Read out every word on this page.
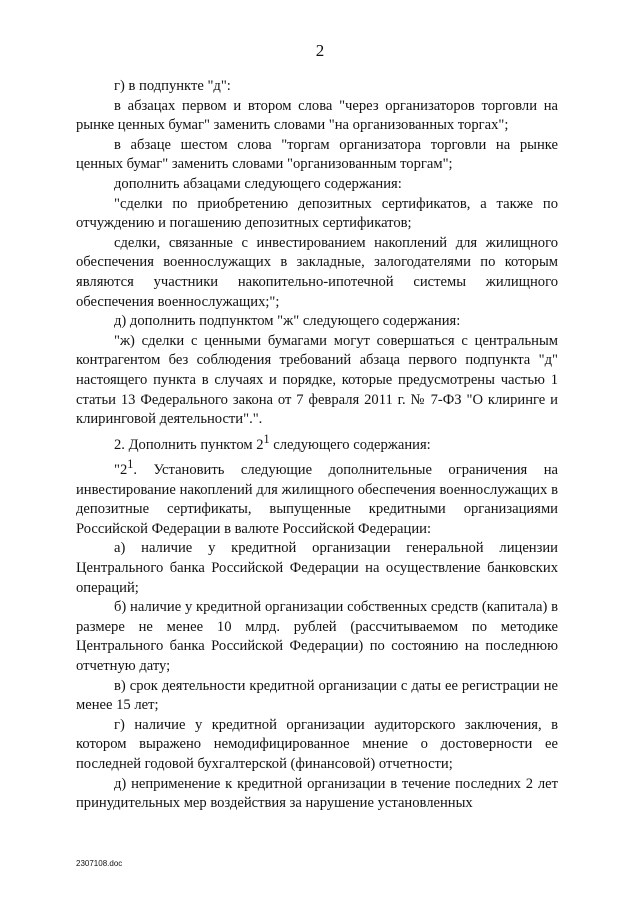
2

г) в подпункте "д":

в абзацах первом и втором слова "через организаторов торговли на рынке ценных бумаг" заменить словами "на организованных торгах";

в абзаце шестом слова "торгам организатора торговли на рынке ценных бумаг" заменить словами "организованным торгам";

дополнить абзацами следующего содержания:

"сделки по приобретению депозитных сертификатов, а также по отчуждению и погашению депозитных сертификатов;

сделки, связанные с инвестированием накоплений для жилищного обеспечения военнослужащих в закладные, залогодателями по которым являются участники накопительно-ипотечной системы жилищного обеспечения военнослужащих;";

д) дополнить подпунктом "ж" следующего содержания:

"ж) сделки с ценными бумагами могут совершаться с центральным контрагентом без соблюдения требований абзаца первого подпункта "д" настоящего пункта в случаях и порядке, которые предусмотрены частью 1 статьи 13 Федерального закона от 7 февраля 2011 г. № 7-ФЗ "О клиринге и клиринговой деятельности".".

2. Дополнить пунктом $2^1$ следующего содержания:

"$2^1$. Установить следующие дополнительные ограничения на инвестирование накоплений для жилищного обеспечения военнослужащих в депозитные сертификаты, выпущенные кредитными организациями Российской Федерации в валюте Российской Федерации:

а) наличие у кредитной организации генеральной лицензии Центрального банка Российской Федерации на осуществление банковских операций;

б) наличие у кредитной организации собственных средств (капитала) в размере не менее 10 млрд. рублей (рассчитываемом по методике Центрального банка Российской Федерации) по состоянию на последнюю отчетную дату;

в) срок деятельности кредитной организации с даты ее регистрации не менее 15 лет;

г) наличие у кредитной организации аудиторского заключения, в котором выражено немодифицированное мнение о достоверности ее последней годовой бухгалтерской (финансовой) отчетности;

д) неприменение к кредитной организации в течение последних 2 лет принудительных мер воздействия за нарушение установленных

2307108.doc
